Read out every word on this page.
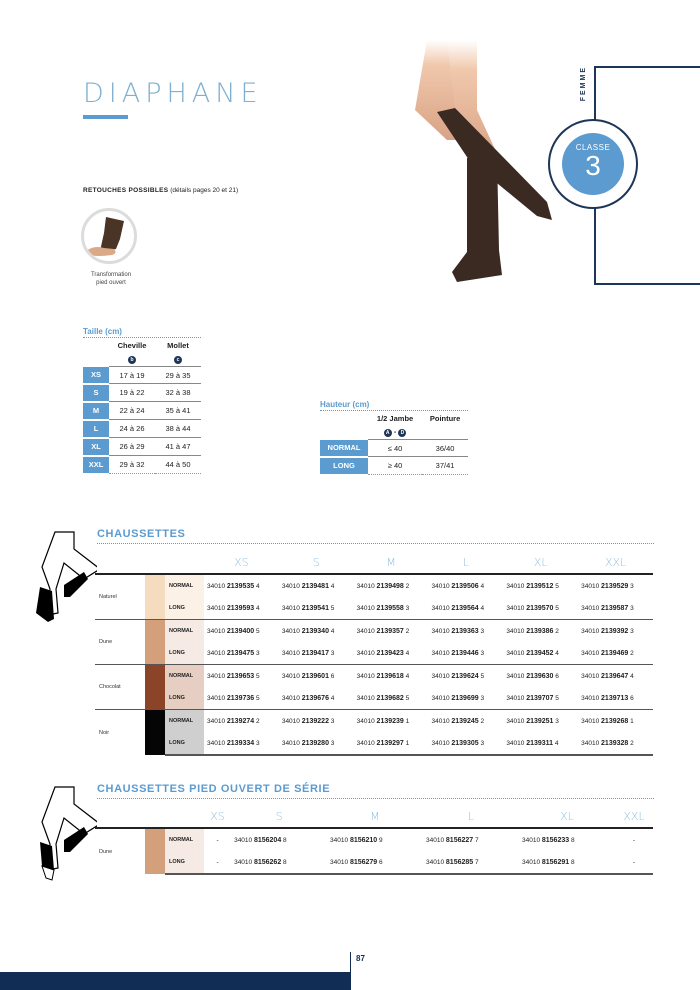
DIAPHANE
RETOUCHES POSSIBLES (détails pages 20 et 21)
Transformation
pied ouvert
FEMME
CLASSE
3
Taille (cm)
	Cheville	Mollet
	b	c
XS	17 à 19	29 à 35
S	19 à 22	32 à 38
M	22 à 24	35 à 41
L	24 à 26	38 à 44
XL	26 à 29	41 à 47
XXL	29 à 32	44 à 50
Hauteur (cm)
	1/2 Jambe	Pointure
	A - D	
NORMAL	≤ 40	36/40
LONG	≥ 40	37/41
CHAUSSETTES
			XS	S	M	L	XL	XXL
Naturel		NORMAL	34010 2139535 4	34010 2139481 4	34010 2139498 2	34010 2139506 4	34010 2139512 5	34010 2139529 3
		LONG	34010 2139593 4	34010 2139541 5	34010 2139558 3	34010 2139564 4	34010 2139570 5	34010 2139587 3
Dune		NORMAL	34010 2139400 5	34010 2139340 4	34010 2139357 2	34010 2139363 3	34010 2139386 2	34010 2139392 3
		LONG	34010 2139475 3	34010 2139417 3	34010 2139423 4	34010 2139446 3	34010 2139452 4	34010 2139469 2
Chocolat		NORMAL	34010 2139653 5	34010 2139601 6	34010 2139618 4	34010 2139624 5	34010 2139630 6	34010 2139647 4
		LONG	34010 2139736 5	34010 2139676 4	34010 2139682 5	34010 2139699 3	34010 2139707 5	34010 2139713 6
Noir		NORMAL	34010 2139274 2	34010 2139222 3	34010 2139239 1	34010 2139245 2	34010 2139251 3	34010 2139268 1
		LONG	34010 2139334 3	34010 2139280 3	34010 2139297 1	34010 2139305 3	34010 2139311 4	34010 2139328 2
CHAUSSETTES PIED OUVERT DE SÉRIE
			XS	S	M	L	XL	XXL
Dune		NORMAL	-	34010 8156204 8	34010 8156210 9	34010 8156227 7	34010 8156233 8	-
		LONG	-	34010 8156262 8	34010 8156279 6	34010 8156285 7	34010 8156291 8	-
87
